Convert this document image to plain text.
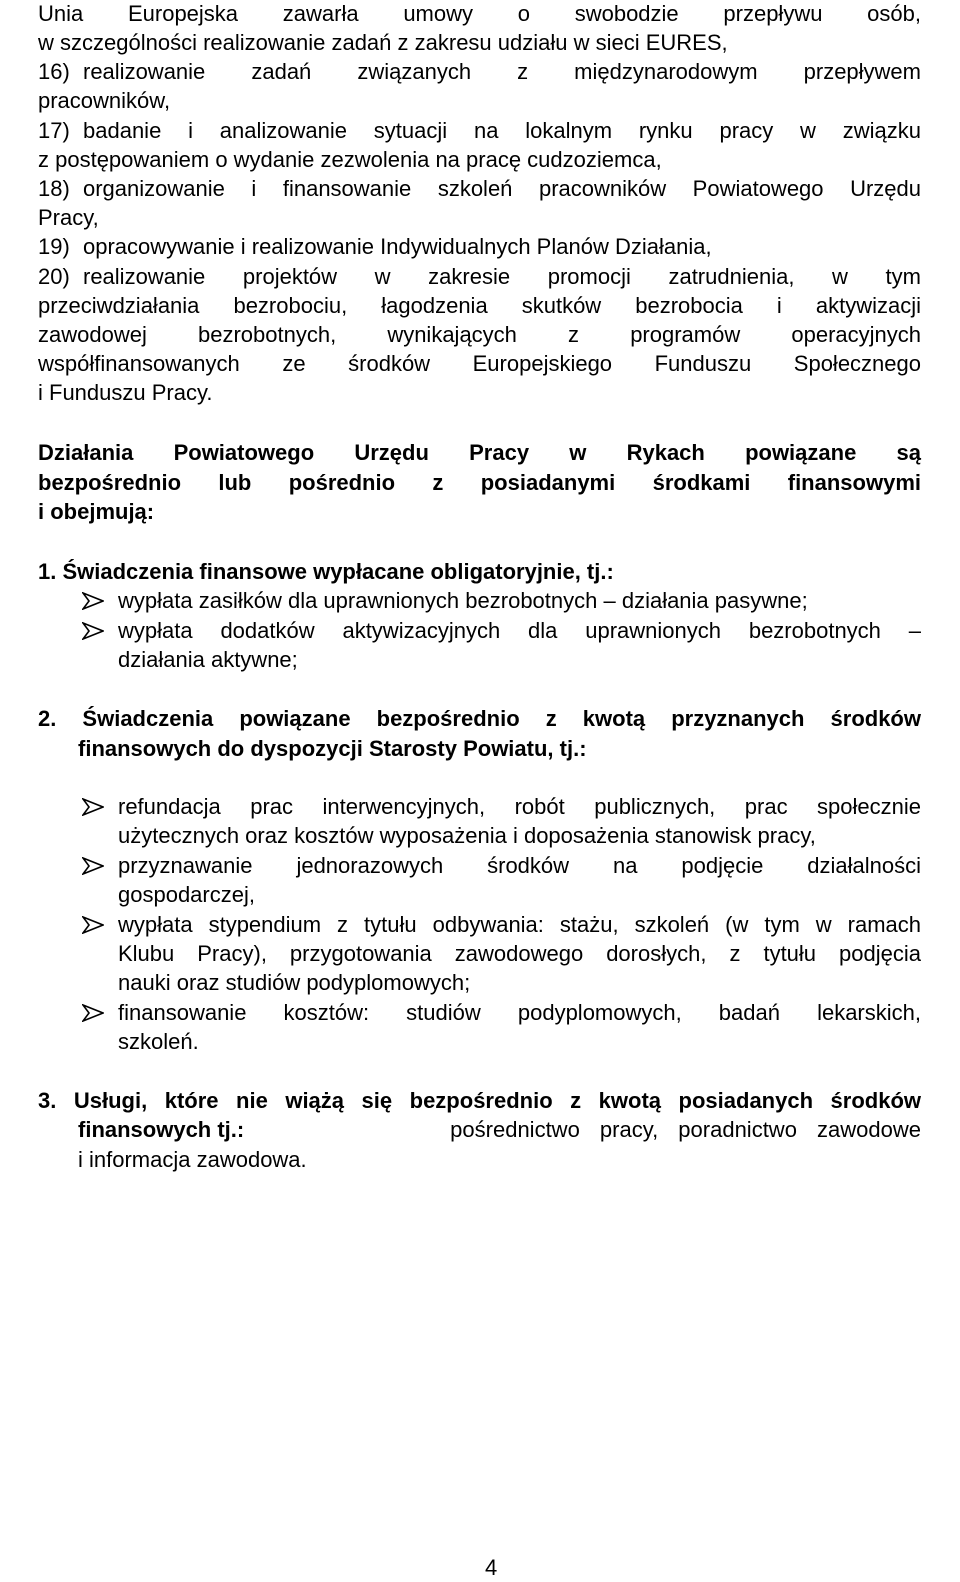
Unia Europejska zawarła umowy o swobodzie przepływu osób,
w szczególności realizowanie zadań z zakresu udziału w sieci EURES,
16) realizowanie zadań związanych z międzynarodowym przepływem
pracowników,
17) badanie i analizowanie sytuacji na lokalnym rynku pracy w związku
z postępowaniem o wydanie zezwolenia na pracę cudzoziemca,
18) organizowanie i finansowanie szkoleń pracowników Powiatowego Urzędu
Pracy,
19) opracowywanie i realizowanie Indywidualnych Planów Działania,
20) realizowanie projektów w zakresie promocji zatrudnienia, w tym
przeciwdziałania bezrobociu, łagodzenia skutków bezrobocia i aktywizacji
zawodowej bezrobotnych, wynikających z programów operacyjnych
współfinansowanych ze środków Europejskiego Funduszu Społecznego
i Funduszu Pracy.
Działania Powiatowego Urzędu Pracy w Rykach powiązane są
bezpośrednio lub pośrednio z posiadanymi środkami finansowymi
i obejmują:
1. Świadczenia finansowe wypłacane obligatoryjnie, tj.:
wypłata zasiłków dla uprawnionych bezrobotnych – działania pasywne;
wypłata dodatków aktywizacyjnych dla uprawnionych bezrobotnych –
działania aktywne;
2. Świadczenia powiązane bezpośrednio z kwotą przyznanych środków
finansowych do dyspozycji Starosty Powiatu, tj.:
refundacja prac interwencyjnych, robót publicznych, prac społecznie
użytecznych oraz kosztów wyposażenia i doposażenia stanowisk pracy,
przyznawanie jednorazowych środków na podjęcie działalności
gospodarczej,
wypłata stypendium z tytułu odbywania: stażu, szkoleń (w tym w ramach
Klubu Pracy), przygotowania zawodowego dorosłych, z tytułu podjęcia
nauki oraz studiów podyplomowych;
finansowanie kosztów: studiów podyplomowych, badań lekarskich,
szkoleń.
3. Usługi, które nie wiążą się bezpośrednio z kwotą posiadanych środków
finansowych tj.:	pośrednictwo pracy, poradnictwo zawodowe
i informacja zawodowa.
4
